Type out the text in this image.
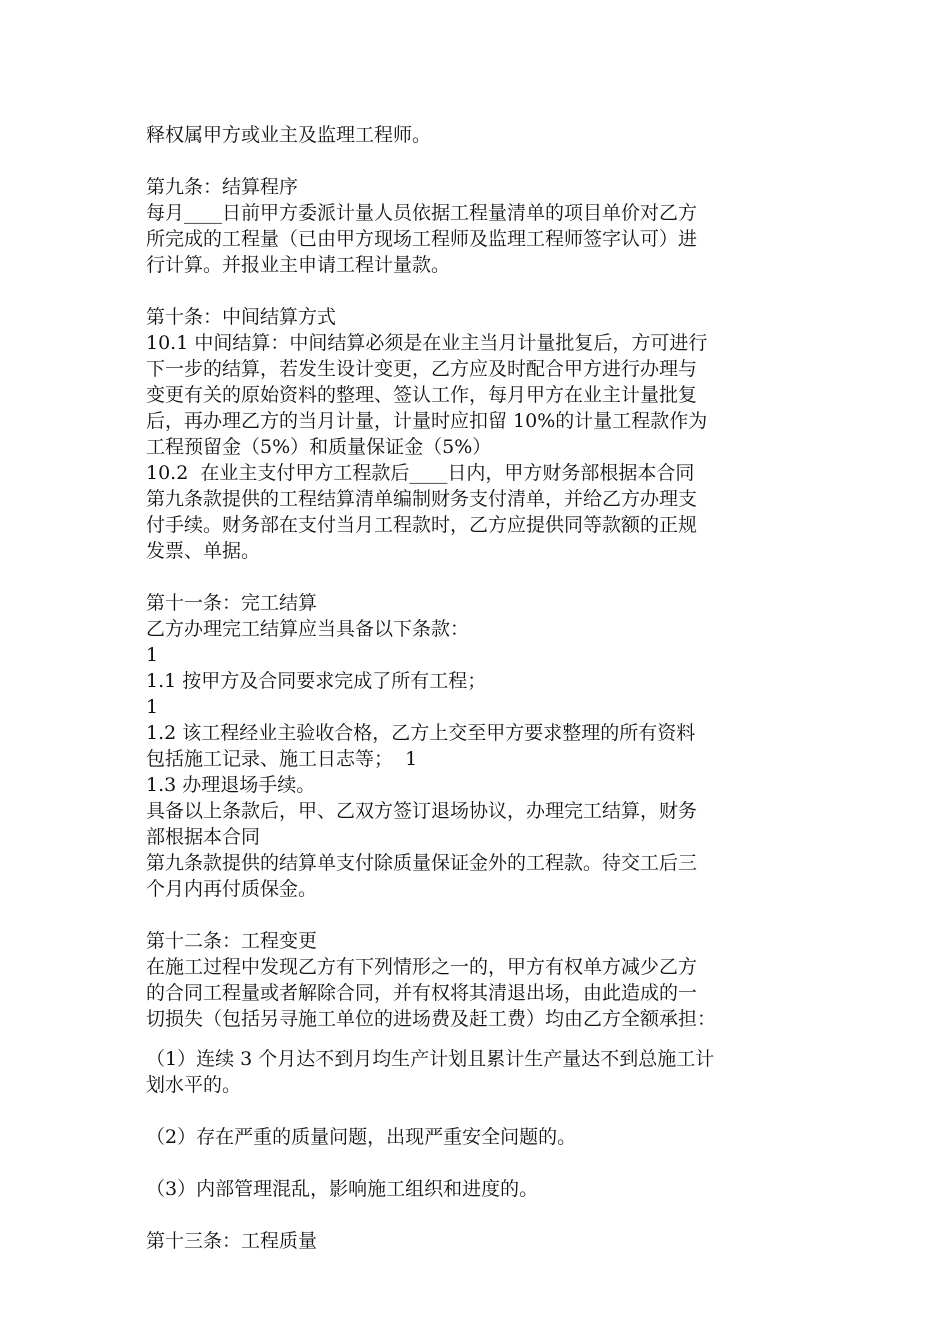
释权属甲方或业主及监理工程师。

第九条：结算程序

每月____日前甲方委派计量人员依据工程量清单的项目单价对乙方

所完成的工程量（已由甲方现场工程师及监理工程师签字认可）进

行计算。并报业主申请工程计量款。

第十条：中间结算方式

10.1 中间结算：中间结算必须是在业主当月计量批复后，方可进行

下一步的结算，若发生设计变更，乙方应及时配合甲方进行办理与

变更有关的原始资料的整理、签认工作，每月甲方在业主计量批复

后，再办理乙方的当月计量，计量时应扣留 10%的计量工程款作为

工程预留金（5%）和质量保证金（5%）

10.2  在业主支付甲方工程款后____日内，甲方财务部根据本合同

第九条款提供的工程结算清单编制财务支付清单，并给乙方办理支

付手续。财务部在支付当月工程款时，乙方应提供同等款额的正规

发票、单据。

第十一条：完工结算

乙方办理完工结算应当具备以下条款：

1

1.1 按甲方及合同要求完成了所有工程；

1

1.2 该工程经业主验收合格，乙方上交至甲方要求整理的所有资料

包括施工记录、施工日志等；  1

1.3 办理退场手续。

具备以上条款后，甲、乙双方签订退场协议，办理完工结算，财务

部根据本合同

第九条款提供的结算单支付除质量保证金外的工程款。待交工后三

个月内再付质保金。

第十二条：工程变更

在施工过程中发现乙方有下列情形之一的，甲方有权单方减少乙方

的合同工程量或者解除合同，并有权将其清退出场，由此造成的一

切损失（包括另寻施工单位的进场费及赶工费）均由乙方全额承担：

（1）连续 3 个月达不到月均生产计划且累计生产量达不到总施工计

划水平的。

（2）存在严重的质量问题，出现严重安全问题的。

（3）内部管理混乱，影响施工组织和进度的。

第十三条：工程质量
